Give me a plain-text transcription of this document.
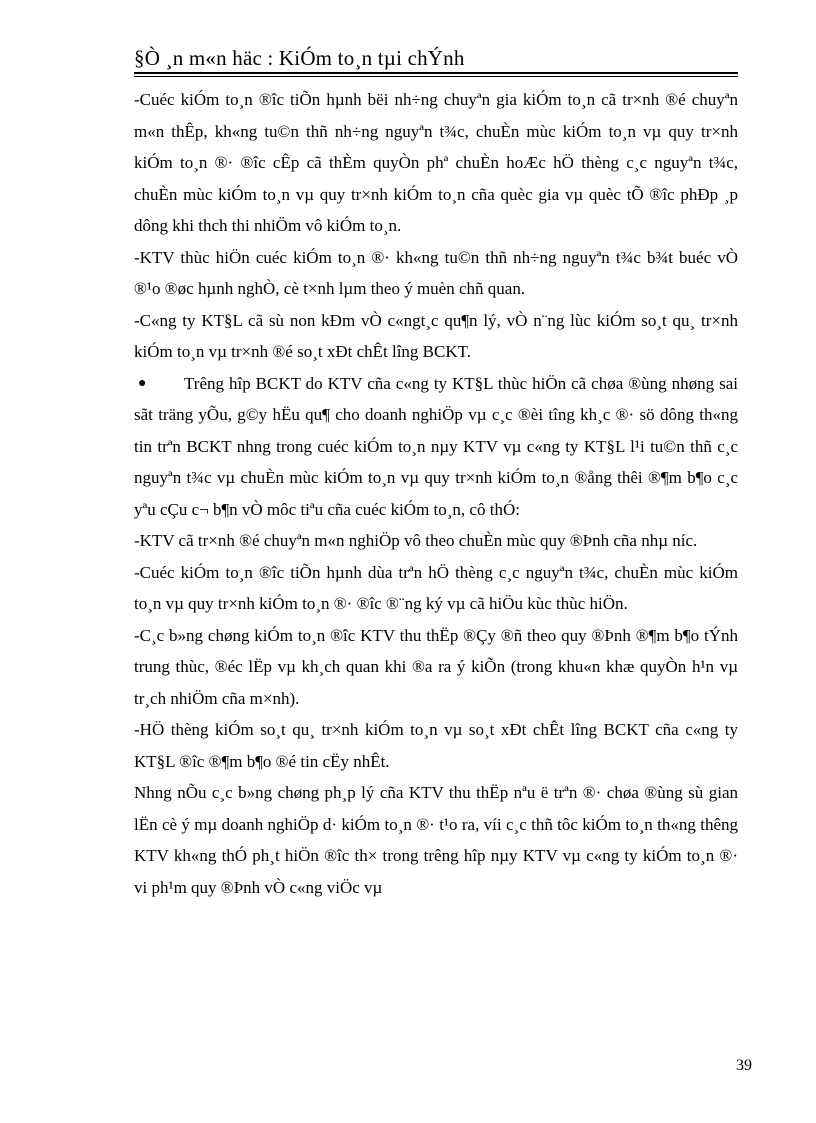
§Ò ¸n m«n häc : KiÓm to¸n tµi chÝnh

-Cuéc kiÓm to¸n ®îc tiÕn hµnh bëi nh÷ng chuyªn gia kiÓm to¸n cã tr×nh ®é chuyªn m«n thÊp, kh«ng tu©n thñ nh÷ng nguyªn t¾c, chuÈn mùc kiÓm to¸n vµ quy tr×nh kiÓm to¸n ®· ®îc cÊp cã thÈm quyÒn phª chuÈn hoÆc hÖ thèng c¸c nguyªn t¾c, chuÈn mùc kiÓm to¸n vµ quy tr×nh kiÓm to¸n cña quèc gia vµ quèc tÕ ®îc phÐp ¸p dông khi thch thi nhiÖm vô kiÓm to¸n.

-KTV thùc hiÖn cuéc kiÓm to¸n ®· kh«ng tu©n thñ nh÷ng nguyªn t¾c b¾t buéc vÒ ®¹o ®øc hµnh nghÒ, cè t×nh lµm theo ý muèn chñ quan.

-C«ng ty KT§L cã sù non kÐm vÒ c«ngt¸c qu¶n lý, vÒ n¨ng lùc kiÓm so¸t qu¸ tr×nh kiÓm to¸n vµ tr×nh ®é so¸t xÐt chÊt lîng BCKT.

● Trêng hîp BCKT do KTV cña c«ng ty KT§L thùc hiÖn cã chøa ®ùng nhøng sai sãt träng yÕu, g©y hËu qu¶ cho doanh nghiÖp vµ c¸c ®èi tîng kh¸c ®· sö dông th«ng tin trªn BCKT nhng trong cuéc kiÓm to¸n nµy KTV vµ c«ng ty KT§L l¹i tu©n thñ c¸c nguyªn t¾c vµ chuÈn mùc kiÓm to¸n vµ quy tr×nh kiÓm to¸n ®ång thêi ®¶m b¶o c¸c yªu cÇu c¬ b¶n vÒ môc tiªu cña cuéc kiÓm to¸n, cô thÓ:

-KTV cã tr×nh ®é chuyªn m«n nghiÖp vô theo chuÈn mùc quy ®Þnh cña nhµ níc.

-Cuéc kiÓm to¸n ®îc tiÕn hµnh dùa trªn hÖ thèng c¸c nguyªn t¾c, chuÈn mùc kiÓm to¸n vµ quy tr×nh kiÓm to¸n ®· ®îc ®¨ng ký vµ cã hiÖu kùc thùc hiÖn.

-C¸c b»ng chøng kiÓm to¸n ®îc KTV thu thËp ®Çy ®ñ theo quy ®Þnh ®¶m b¶o tÝnh trung thùc, ®éc lËp vµ kh¸ch quan khi ®a ra ý kiÕn (trong khu«n khæ quyÒn h¹n vµ tr¸ch nhiÖm cña m×nh).

-HÖ thèng kiÓm so¸t qu¸ tr×nh kiÓm to¸n vµ so¸t xÐt chÊt lîng BCKT cña c«ng ty KT§L ®îc ®¶m b¶o ®é tin cËy nhÊt.

Nhng nÕu c¸c b»ng chøng ph¸p lý cña KTV thu thËp nªu ë trªn ®· chøa ®ùng sù gian lËn cè ý mµ doanh nghiÖp d· kiÓm to¸n ®· t¹o ra, víi c¸c thñ tôc kiÓm to¸n th«ng thêng KTV kh«ng thÓ ph¸t hiÖn ®îc th× trong trêng hîp nµy KTV vµ c«ng ty kiÓm to¸n ®· vi ph¹m quy ®Þnh vÒ c«ng viÖc vµ

39
